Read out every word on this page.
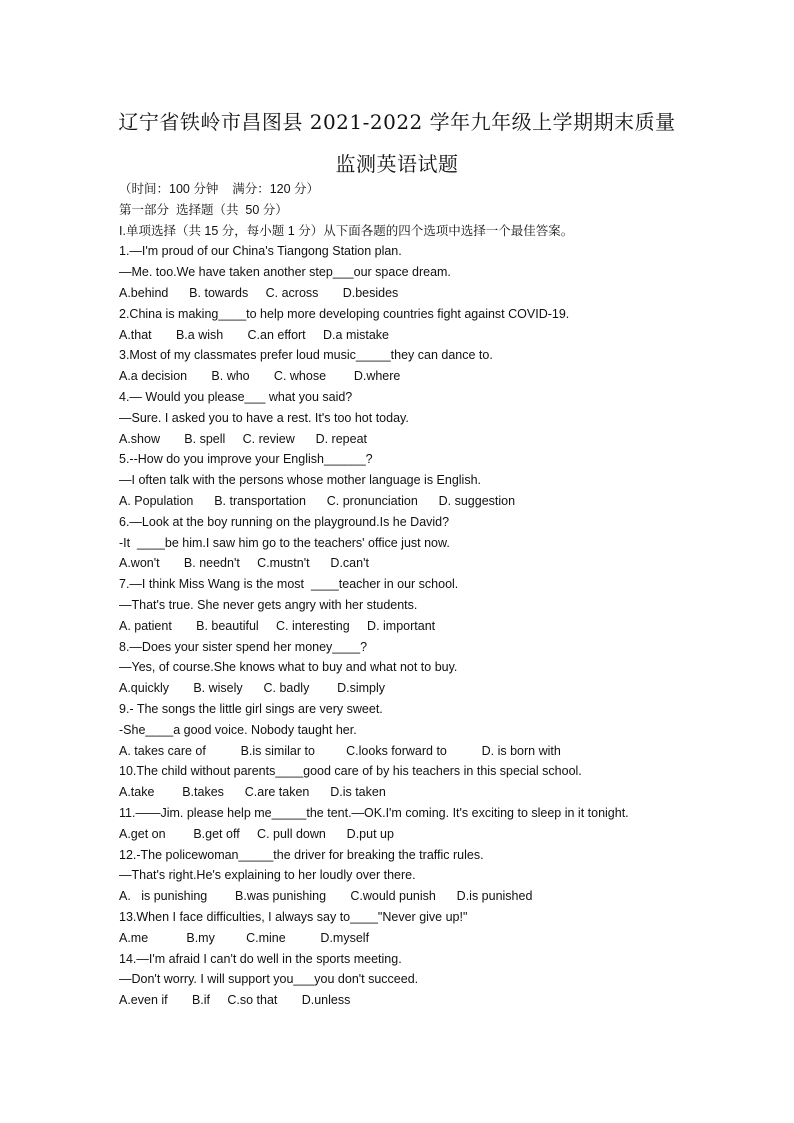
辽宁省铁岭市昌图县 2021-2022 学年九年级上学期期末质量
监测英语试题
（时间：100 分钟    满分：120 分）
第一部分  选择题（共  50 分）
I.单项选择（共 15 分，每小题 1 分）从下面各题的四个选项中选择一个最佳答案。
1.—I'm proud of our China's Tiangong Station plan.
—Me. too.We have taken another step___our space dream.
A.behind      B. towards     C. across       D.besides
2.China is making____to help more developing countries fight against COVID-19.
A.that       B.a wish       C.an effort     D.a mistake
3.Most of my classmates prefer loud music_____they can dance to.
A.a decision       B. who       C. whose        D.where
4.— Would you please___ what you said?
—Sure. I asked you to have a rest. It's too hot today.
A.show       B. spell     C. review      D. repeat
5.--How do you improve your English______?
—I often talk with the persons whose mother language is English.
A. Population      B. transportation      C. pronunciation      D. suggestion
6.—Look at the boy running on the playground.Is he David?
-It  ____be him.I saw him go to the teachers' office just now.
A.won't       B. needn't     C.mustn't      D.can't
7.—I think Miss Wang is the most  ____teacher in our school.
—That's true. She never gets angry with her students.
A. patient       B. beautiful     C. interesting     D. important
8.—Does your sister spend her money____?
—Yes, of course.She knows what to buy and what not to buy.
A.quickly       B. wisely      C. badly        D.simply
9.- The songs the little girl sings are very sweet.
-She____a good voice. Nobody taught her.
A. takes care of          B.is similar to         C.looks forward to          D. is born with
10.The child without parents____good care of by his teachers in this special school.
A.take        B.takes      C.are taken      D.is taken
11.——Jim. please help me_____the tent.—OK.I'm coming. It's exciting to sleep in it tonight.
A.get on        B.get off     C. pull down      D.put up
12.-The policewoman_____the driver for breaking the traffic rules.
—That's right.He's explaining to her loudly over there.
A.   is punishing        B.was punishing       C.would punish      D.is punished
13.When I face difficulties, I always say to____"Never give up!"
A.me           B.my         C.mine          D.myself
14.—I'm afraid I can't do well in the sports meeting.
—Don't worry. I will support you___you don't succeed.
A.even if       B.if     C.so that       D.unless
